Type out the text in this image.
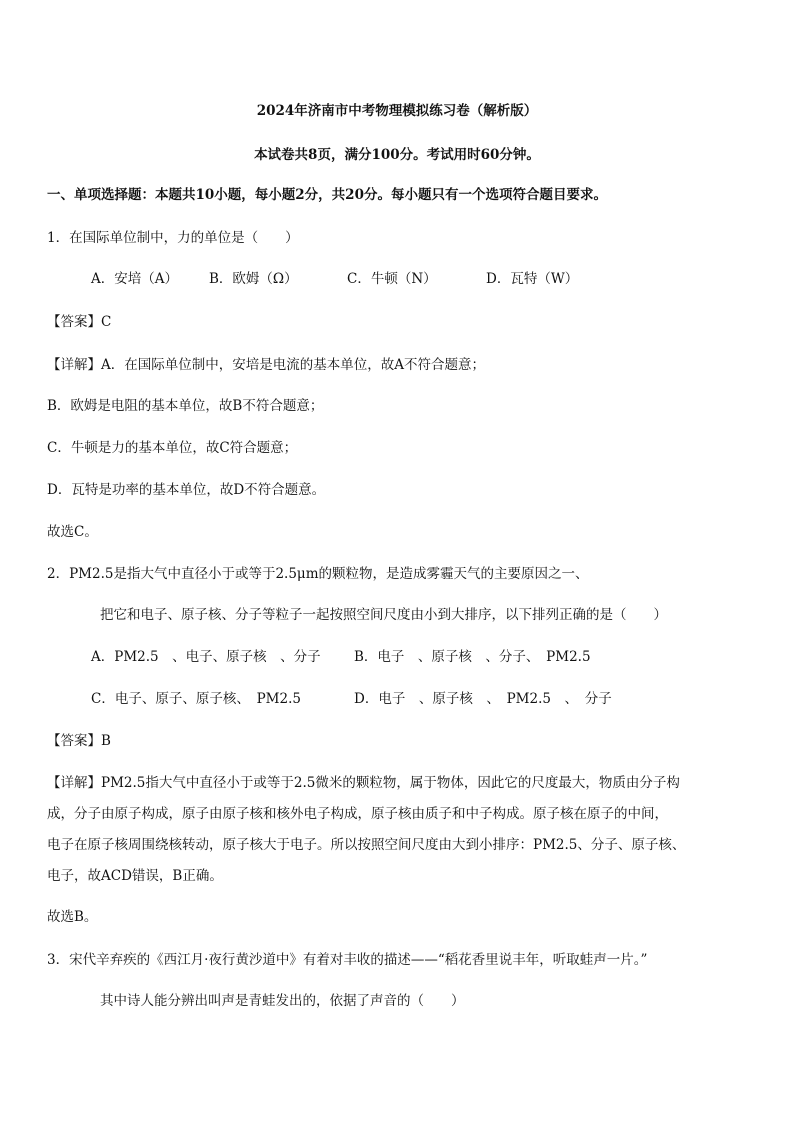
2024年济南市中考物理模拟练习卷（解析版）
本试卷共8页，满分100分。考试用时60分钟。
一、单项选择题：本题共10小题，每小题2分，共20分。每小题只有一个选项符合题目要求。
1．在国际单位制中，力的单位是（　　）
A．安培（A） B．欧姆（Ω）	C．牛顿（N）	D．瓦特（W）
【答案】C
【详解】A．在国际单位制中，安培是电流的基本单位，故A不符合题意；
B．欧姆是电阻的基本单位，故B不符合题意；
C．牛顿是力的基本单位，故C符合题意；
D．瓦特是功率的基本单位，故D不符合题意。
故选C。
2．PM2.5是指大气中直径小于或等于2.5μm的颗粒物，是造成雾霾天气的主要原因之一、
把它和电子、原子核、分子等粒子一起按照空间尺度由小到大排序，以下排列正确的是（　　）
A．PM2.5　、电子、原子核　、分子 B．电子　、原子核　、分子、　PM2.5
C．电子、原子、原子核、　PM2.5	D．电子　、原子核　、　PM2.5　、　分子
【答案】B
【详解】PM2.5指大气中直径小于或等于2.5微米的颗粒物，属于物体，因此它的尺度最大，物质由分子构
成，分子由原子构成，原子由原子核和核外电子构成，原子核由质子和中子构成。原子核在原子的中间，
电子在原子核周围绕核转动，原子核大于电子。所以按照空间尺度由大到小排序：PM2.5、分子、原子核、
电子，故ACD错误，B正确。
故选B。
3．宋代辛弃疾的《西江月·夜行黄沙道中》有着对丰收的描述——“稻花香里说丰年，听取蛙声一片。”
其中诗人能分辨出叫声是青蛙发出的，依据了声音的（　　）
